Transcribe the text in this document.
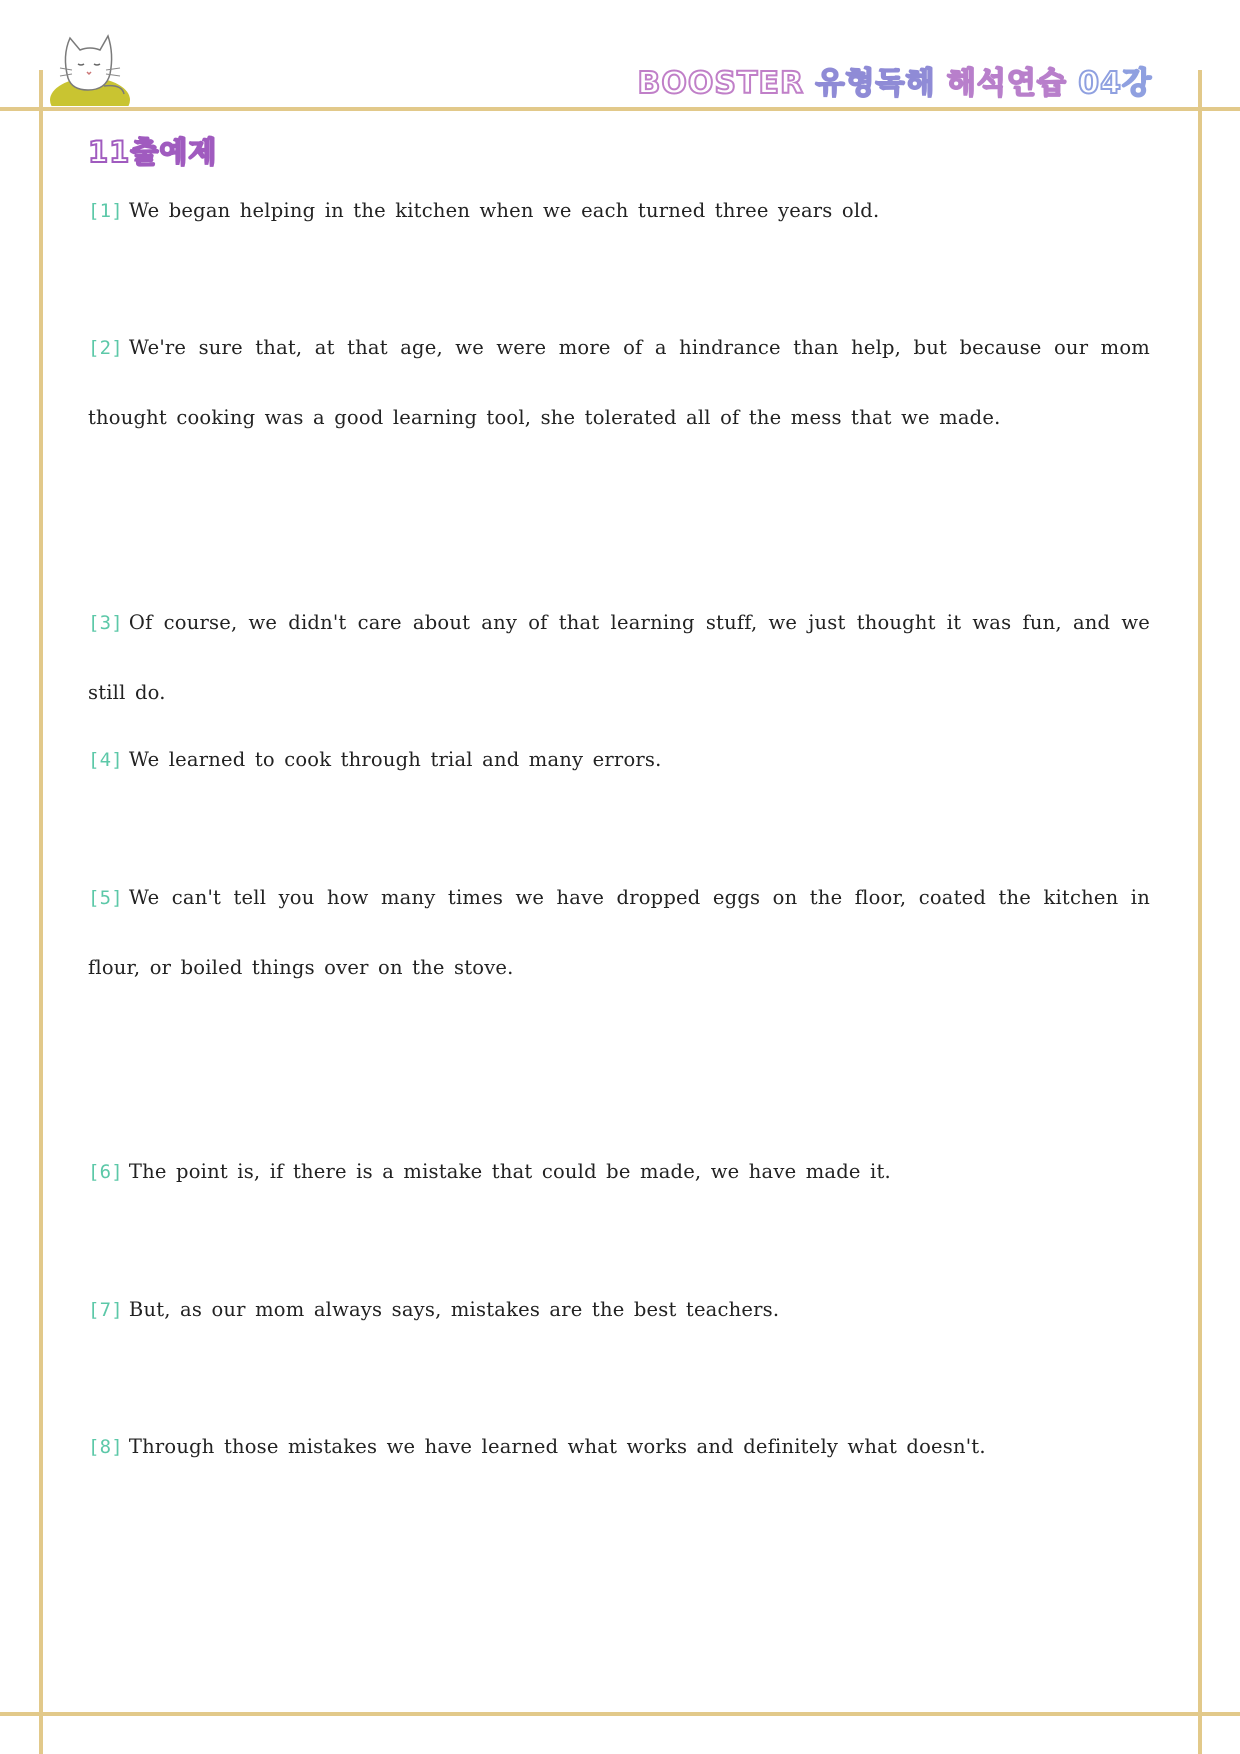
BOOSTER 유형독해 해석연습 04강
11출예제
[1] We began helping in the kitchen when we each turned three years old.
[2] We're sure that, at that age, we were more of a hindrance than help, but because our mom thought cooking was a good learning tool, she tolerated all of the mess that we made.
[3] Of course, we didn't care about any of that learning stuff, we just thought it was fun, and we still do.
[4] We learned to cook through trial and many errors.
[5] We can't tell you how many times we have dropped eggs on the floor, coated the kitchen in flour, or boiled things over on the stove.
[6] The point is, if there is a mistake that could be made, we have made it.
[7] But, as our mom always says, mistakes are the best teachers.
[8] Through those mistakes we have learned what works and definitely what doesn't.
